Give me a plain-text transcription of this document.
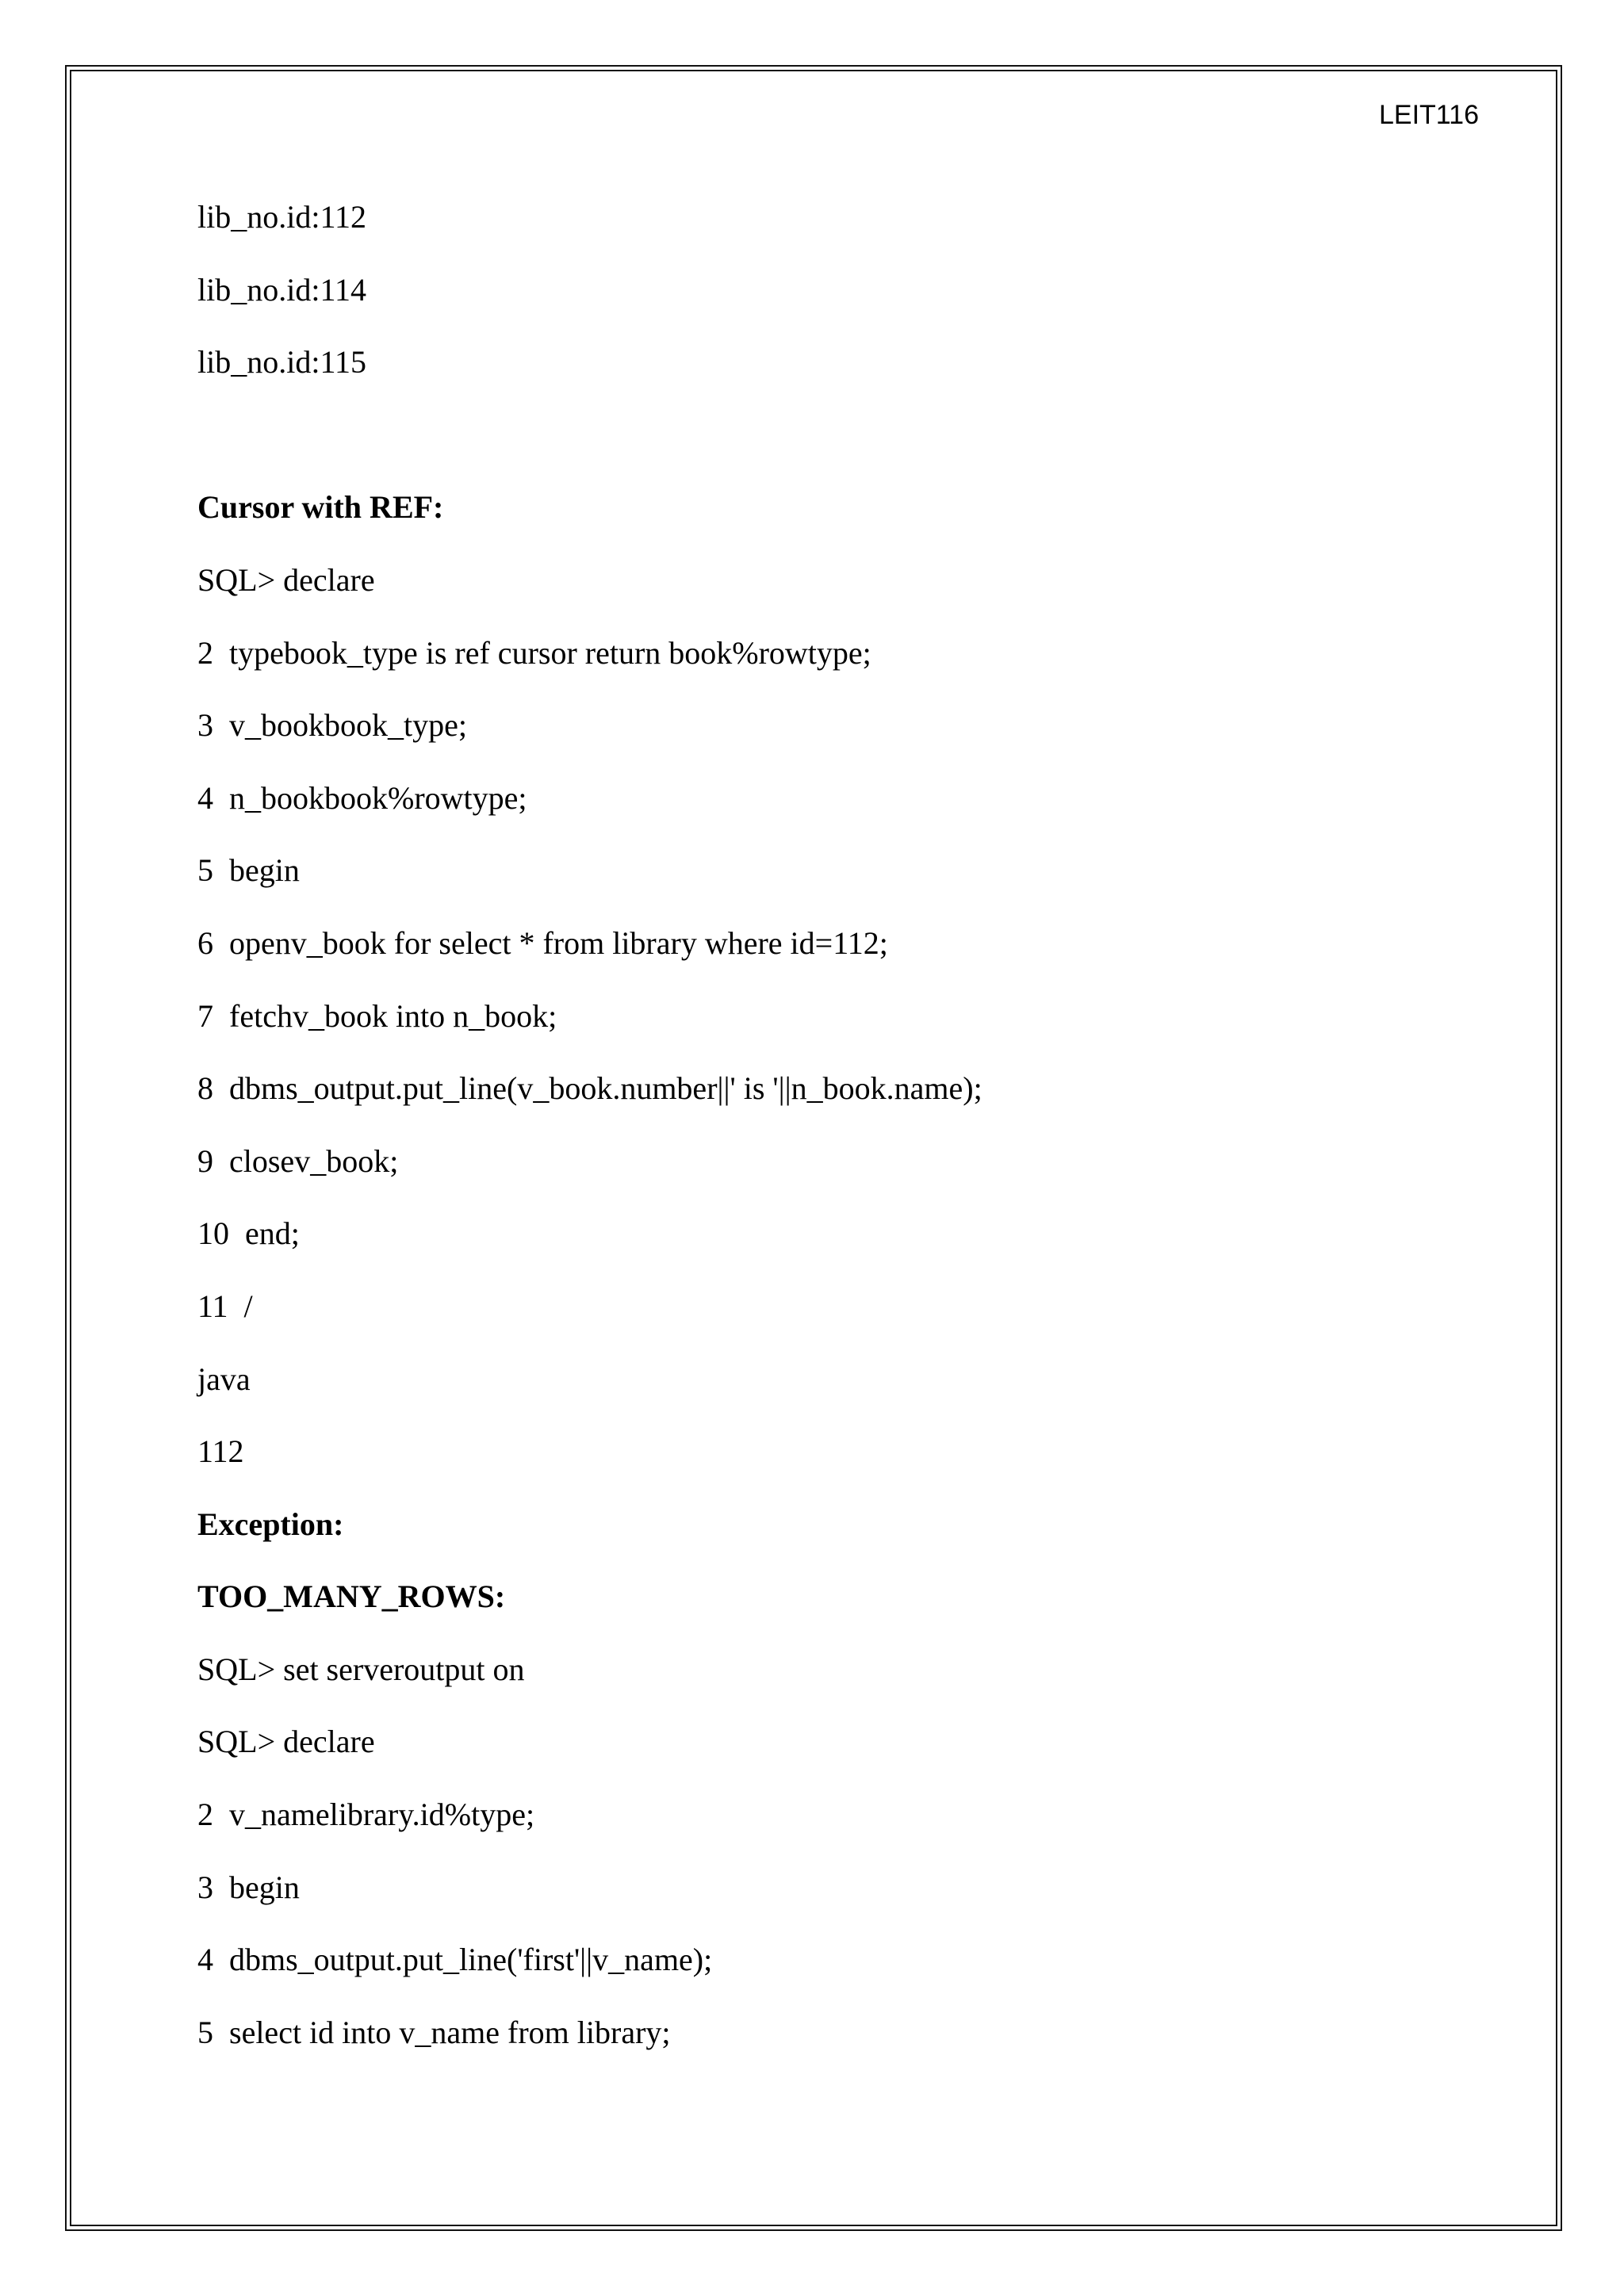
LEIT116
lib_no.id:112
lib_no.id:114
lib_no.id:115
Cursor with REF:
SQL> declare
2  typebook_type is ref cursor return book%rowtype;
3  v_bookbook_type;
4  n_bookbook%rowtype;
5  begin
6  openv_book for select * from library where id=112;
7  fetchv_book into n_book;
8  dbms_output.put_line(v_book.number||' is '||n_book.name);
9  closev_book;
10  end;
11  /
java
112
Exception:
TOO_MANY_ROWS:
SQL> set serveroutput on
SQL> declare
2  v_namelibrary.id%type;
3  begin
4  dbms_output.put_line('first'||v_name);
5  select id into v_name from library;
